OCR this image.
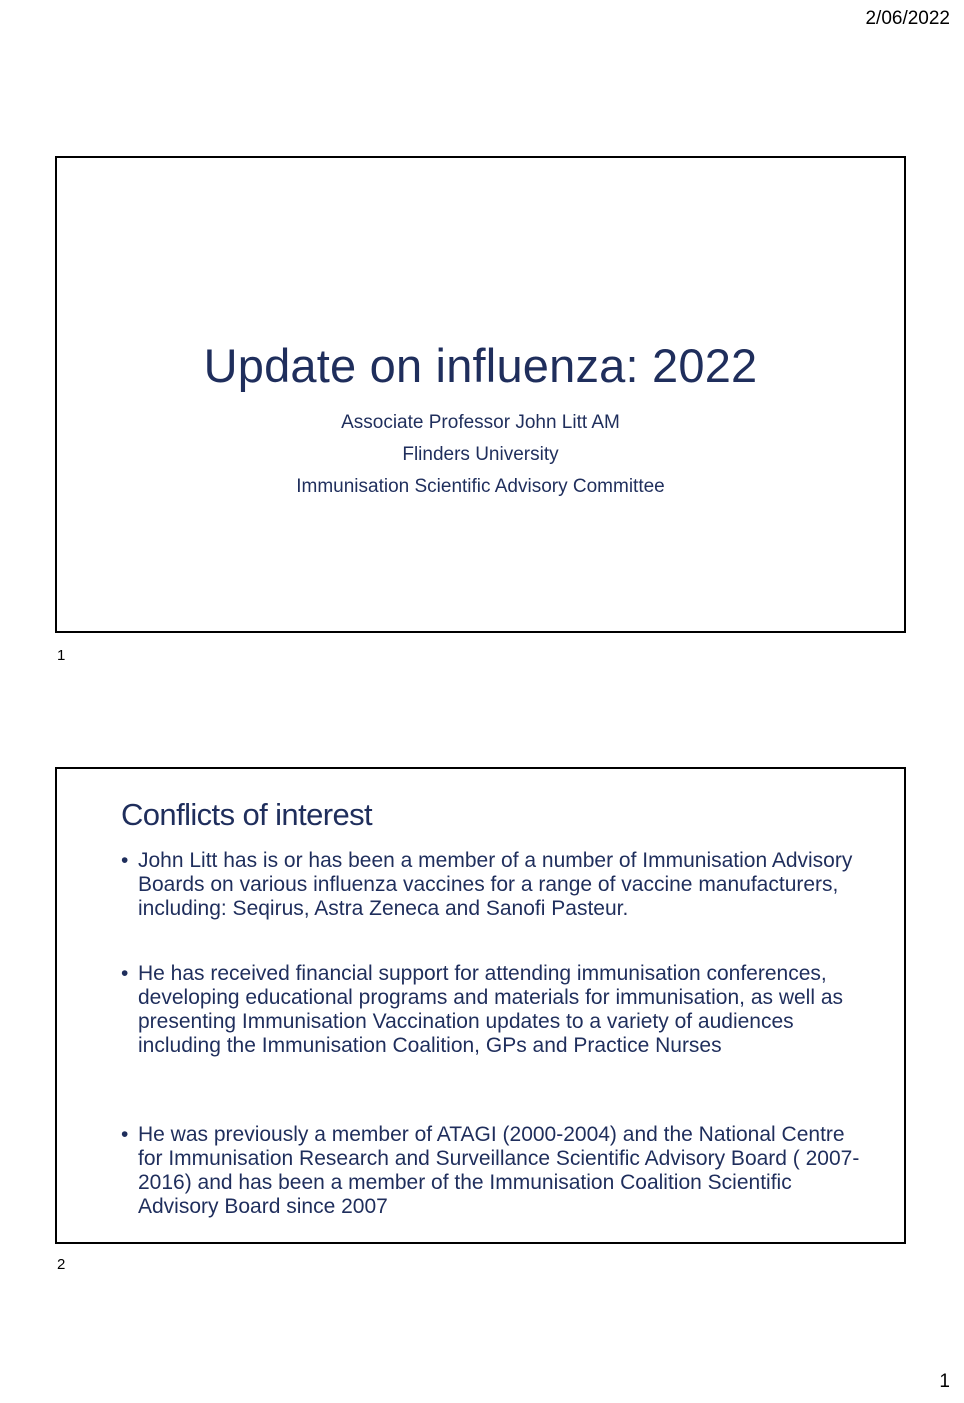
2/06/2022
Update on influenza: 2022
Associate Professor John Litt AM
Flinders University
Immunisation Scientific Advisory Committee
1
Conflicts of interest
• John Litt has is or has been a member of a number of Immunisation Advisory Boards on various influenza vaccines for a range of vaccine manufacturers, including: Seqirus, Astra Zeneca and Sanofi Pasteur.
• He has received financial support for attending immunisation conferences, developing educational programs and materials for immunisation, as well as presenting Immunisation Vaccination updates to a variety of audiences including the Immunisation Coalition, GPs and Practice Nurses
• He was previously a member of ATAGI (2000-2004) and the National Centre for Immunisation Research and Surveillance Scientific Advisory Board ( 2007-2016) and has been a member of the Immunisation Coalition Scientific Advisory Board since 2007
2
1
